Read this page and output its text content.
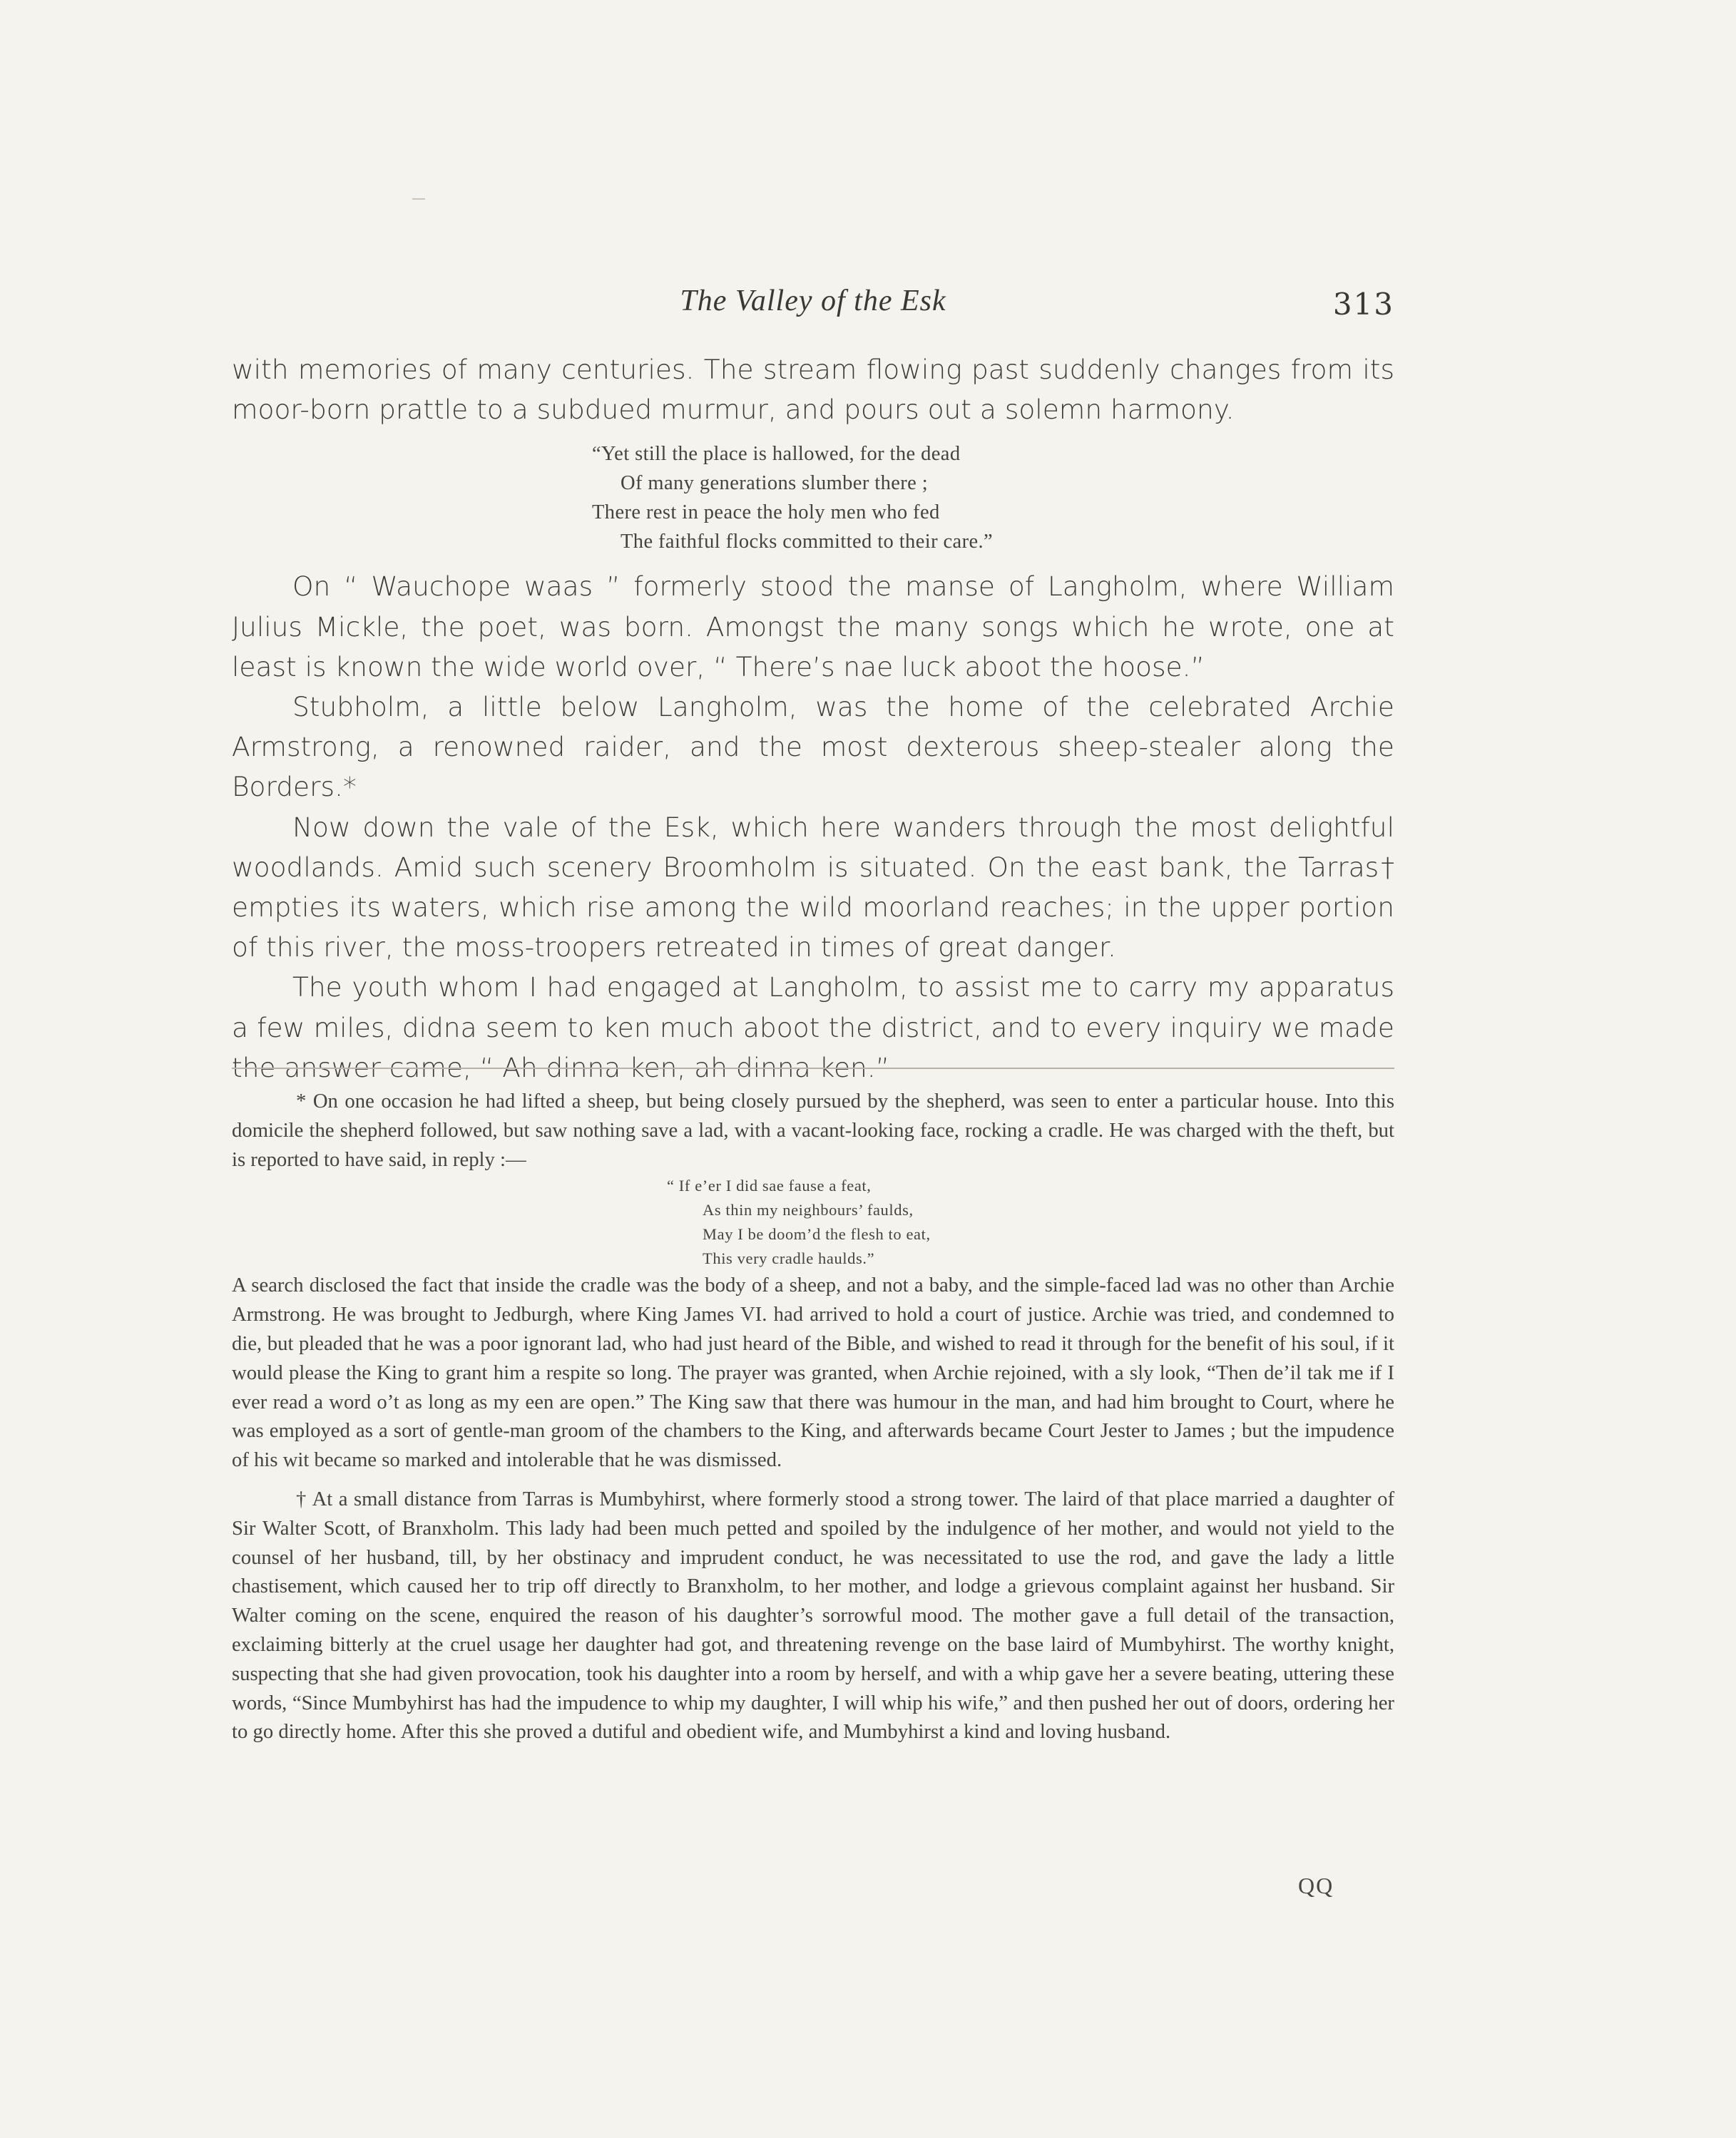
The Valley of the Esk	313

with memories of many centuries. The stream flowing past suddenly changes from its moor-born prattle to a subdued murmur, and pours out a solemn harmony.

“Yet still the place is hallowed, for the dead
Of many generations slumber there ;
There rest in peace the holy men who fed
The faithful flocks committed to their care.”

On “ Wauchope waas ” formerly stood the manse of Langholm, where William Julius Mickle, the poet, was born. Amongst the many songs which he wrote, one at least is known the wide world over, “ There’s nae luck aboot the hoose.”

Stubholm, a little below Langholm, was the home of the celebrated Archie Armstrong, a renowned raider, and the most dexterous sheep-stealer along the Borders.*

Now down the vale of the Esk, which here wanders through the most delightful woodlands. Amid such scenery Broomholm is situated. On the east bank, the Tarras† empties its waters, which rise among the wild moorland reaches; in the upper portion of this river, the moss-troopers retreated in times of great danger.

The youth whom I had engaged at Langholm, to assist me to carry my apparatus a few miles, didna seem to ken much aboot the district, and to every inquiry we made the answer came, “ Ah dinna ken, ah dinna ken.”

* On one occasion he had lifted a sheep, but being closely pursued by the shepherd, was seen to enter a particular house. Into this domicile the shepherd followed, but saw nothing save a lad, with a vacant-looking face, rocking a cradle. He was charged with the theft, but is reported to have said, in reply :—

“ If e’er I did sae fause a feat,
As thin my neighbours’ faulds,
May I be doom’d the flesh to eat,
This very cradle haulds.”

A search disclosed the fact that inside the cradle was the body of a sheep, and not a baby, and the simple-faced lad was no other than Archie Armstrong. He was brought to Jedburgh, where King James VI. had arrived to hold a court of justice. Archie was tried, and condemned to die, but pleaded that he was a poor ignorant lad, who had just heard of the Bible, and wished to read it through for the benefit of his soul, if it would please the King to grant him a respite so long. The prayer was granted, when Archie rejoined, with a sly look, “Then de’il tak me if I ever read a word o’t as long as my een are open.” The King saw that there was humour in the man, and had him brought to Court, where he was employed as a sort of gentle-man groom of the chambers to the King, and afterwards became Court Jester to James ; but the impudence of his wit became so marked and intolerable that he was dismissed.

† At a small distance from Tarras is Mumbyhirst, where formerly stood a strong tower. The laird of that place married a daughter of Sir Walter Scott, of Branxholm. This lady had been much petted and spoiled by the indulgence of her mother, and would not yield to the counsel of her husband, till, by her obstinacy and imprudent conduct, he was necessitated to use the rod, and gave the lady a little chastisement, which caused her to trip off directly to Branxholm, to her mother, and lodge a grievous complaint against her husband. Sir Walter coming on the scene, enquired the reason of his daughter’s sorrowful mood. The mother gave a full detail of the transaction, exclaiming bitterly at the cruel usage her daughter had got, and threatening revenge on the base laird of Mumbyhirst. The worthy knight, suspecting that she had given provocation, took his daughter into a room by herself, and with a whip gave her a severe beating, uttering these words, “Since Mumbyhirst has had the impudence to whip my daughter, I will whip his wife,” and then pushed her out of doors, ordering her to go directly home. After this she proved a dutiful and obedient wife, and Mumbyhirst a kind and loving husband.

QQ
